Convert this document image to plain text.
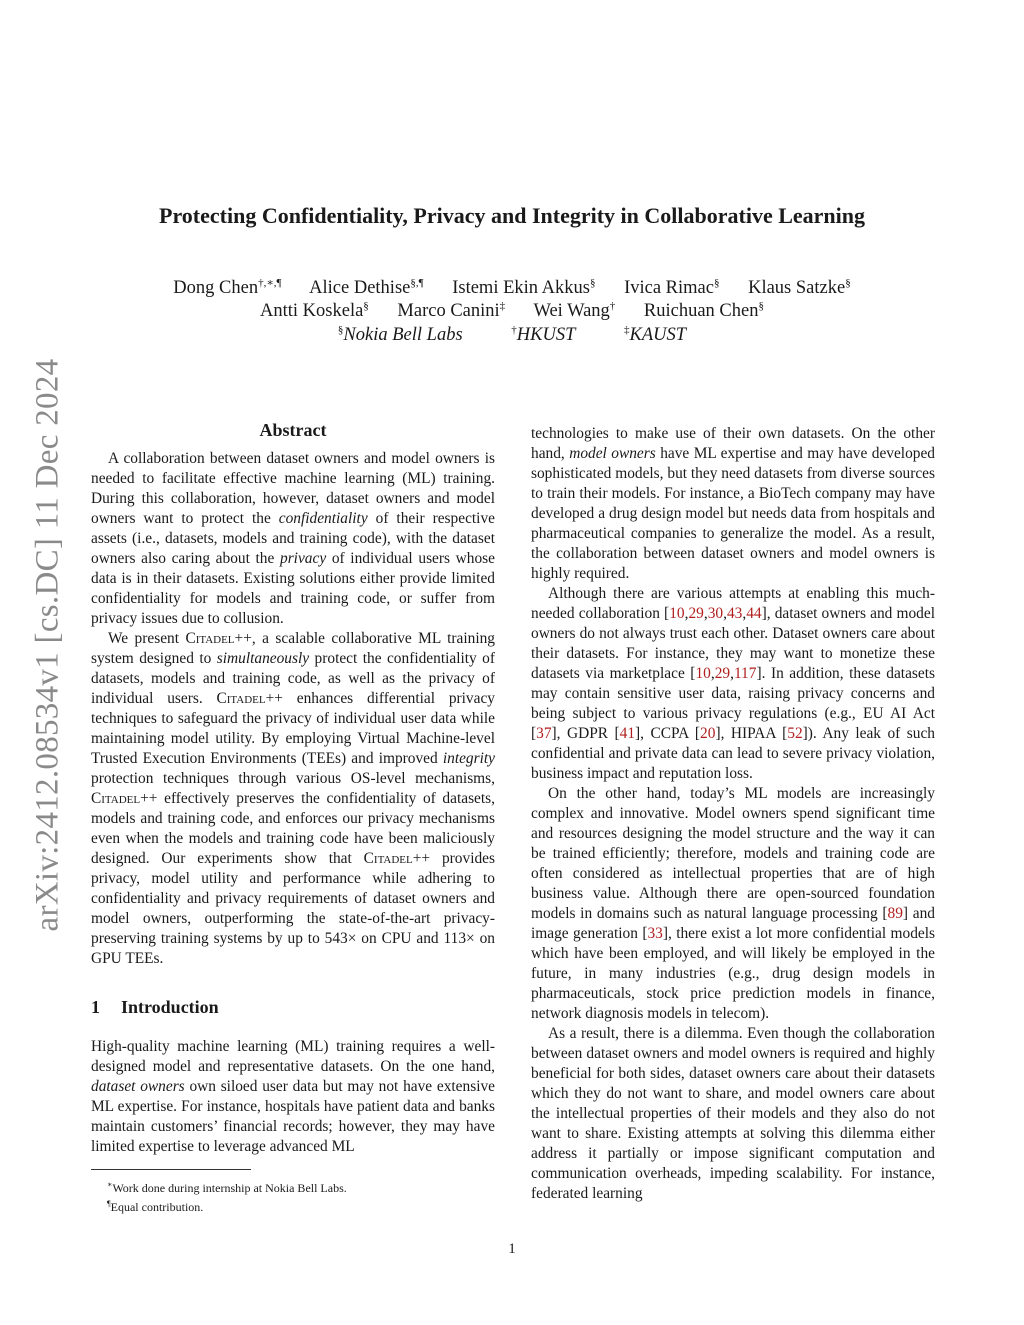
arXiv:2412.08534v1 [cs.DC] 11 Dec 2024
Protecting Confidentiality, Privacy and Integrity in Collaborative Learning
Dong Chen†,∗,¶ Alice Dethise§,¶ Istemi Ekin Akkus§ Ivica Rimac§ Klaus Satzke§
Antti Koskela§ Marco Canini‡ Wei Wang† Ruichuan Chen§
§Nokia Bell Labs	†HKUST	‡KAUST
Abstract

A collaboration between dataset owners and model owners is needed to facilitate effective machine learning (ML) training. During this collaboration, however, dataset owners and model owners want to protect the confidentiality of their respective assets (i.e., datasets, models and training code), with the dataset owners also caring about the privacy of individual users whose data is in their datasets. Existing solutions either provide limited confidentiality for models and training code, or suffer from privacy issues due to collusion.

We present Citadel++, a scalable collaborative ML training system designed to simultaneously protect the confidentiality of datasets, models and training code, as well as the privacy of individual users. Citadel++ enhances differential privacy techniques to safeguard the privacy of individual user data while maintaining model utility. By employing Virtual Machine-level Trusted Execution Environments (TEEs) and improved integrity protection techniques through various OS-level mechanisms, Citadel++ effectively preserves the confidentiality of datasets, models and training code, and enforces our privacy mechanisms even when the models and training code have been maliciously designed. Our experiments show that Citadel++ provides privacy, model utility and performance while adhering to confidentiality and privacy requirements of dataset owners and model owners, outperforming the state-of-the-art privacy-preserving training systems by up to 543× on CPU and 113× on GPU TEEs.

1 Introduction

High-quality machine learning (ML) training requires a well-designed model and representative datasets. On the one hand, dataset owners own siloed user data but may not have extensive ML expertise. For instance, hospitals have patient data and banks maintain customers’ financial records; however, they may have limited expertise to leverage advanced ML

technologies to make use of their own datasets. On the other hand, model owners have ML expertise and may have developed sophisticated models, but they need datasets from diverse sources to train their models. For instance, a BioTech company may have developed a drug design model but needs data from hospitals and pharmaceutical companies to generalize the model. As a result, the collaboration between dataset owners and model owners is highly required.

Although there are various attempts at enabling this much-needed collaboration [10,29,30,43,44], dataset owners and model owners do not always trust each other. Dataset owners care about their datasets. For instance, they may want to monetize these datasets via marketplace [10,29,117]. In addition, these datasets may contain sensitive user data, raising privacy concerns and being subject to various privacy regulations (e.g., EU AI Act [37], GDPR [41], CCPA [20], HIPAA [52]). Any leak of such confidential and private data can lead to severe privacy violation, business impact and reputation loss.

On the other hand, today’s ML models are increasingly complex and innovative. Model owners spend significant time and resources designing the model structure and the way it can be trained efficiently; therefore, models and training code are often considered as intellectual properties that are of high business value. Although there are open-sourced foundation models in domains such as natural language processing [89] and image generation [33], there exist a lot more confidential models which have been employed, and will likely be employed in the future, in many industries (e.g., drug design models in pharmaceuticals, stock price prediction models in finance, network diagnosis models in telecom).

As a result, there is a dilemma. Even though the collaboration between dataset owners and model owners is required and highly beneficial for both sides, dataset owners care about their datasets which they do not want to share, and model owners care about the intellectual properties of their models and they also do not want to share. Existing attempts at solving this dilemma either address it partially or impose significant computation and communication overheads, impeding scalability. For instance, federated learning

∗Work done during internship at Nokia Bell Labs.
¶Equal contribution.
1
